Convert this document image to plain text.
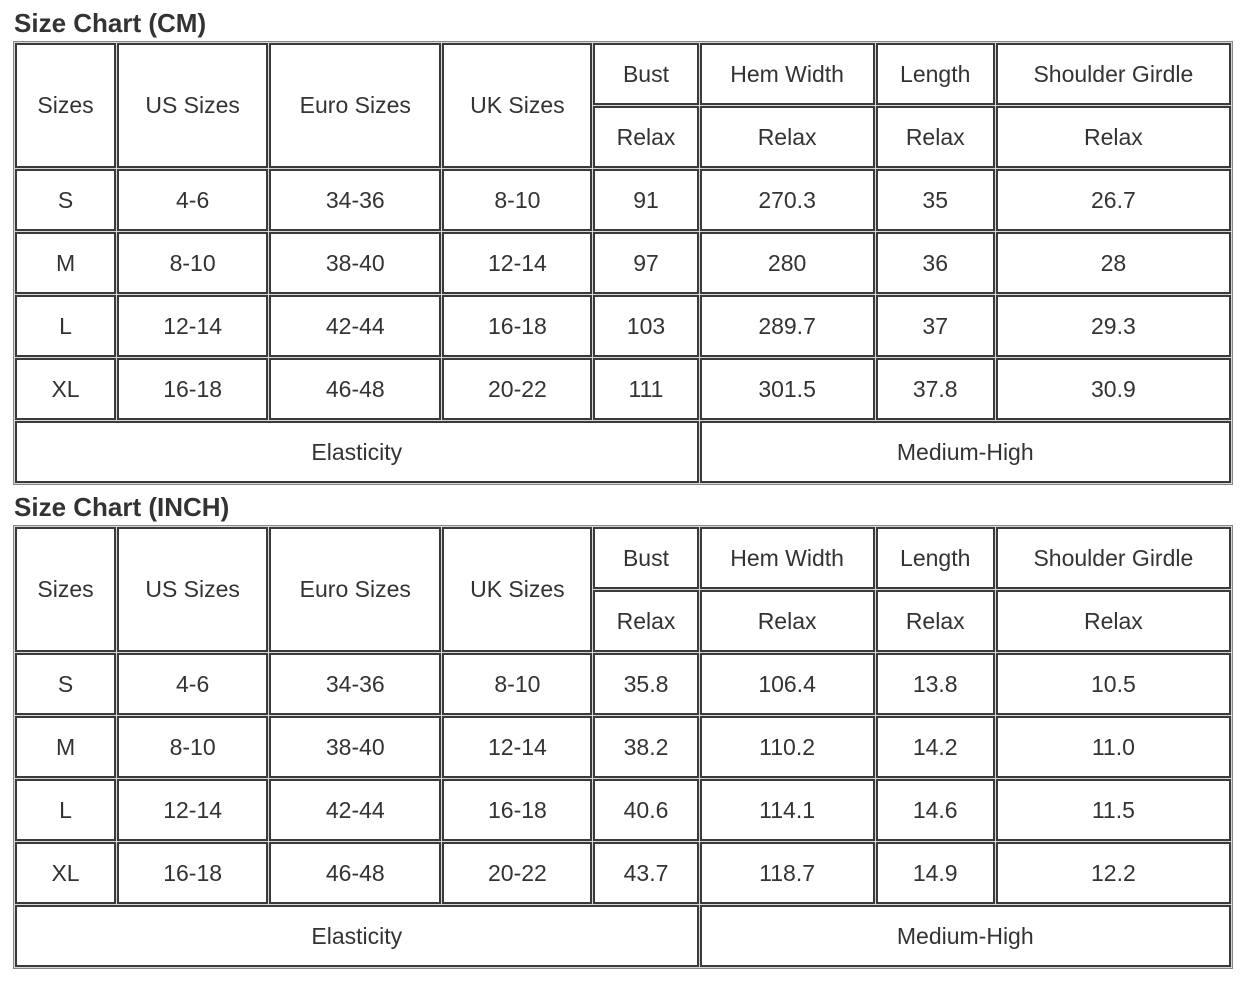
Size Chart (CM)
Sizes	US Sizes	Euro Sizes	UK Sizes	Bust	Hem Width	Length	Shoulder Girdle
				Relax	Relax	Relax	Relax
S	4-6	34-36	8-10	91	270.3	35	26.7
M	8-10	38-40	12-14	97	280	36	28
L	12-14	42-44	16-18	103	289.7	37	29.3
XL	16-18	46-48	20-22	111	301.5	37.8	30.9
Elasticity					Medium-High		
Size Chart (INCH)
Sizes	US Sizes	Euro Sizes	UK Sizes	Bust	Hem Width	Length	Shoulder Girdle
				Relax	Relax	Relax	Relax
S	4-6	34-36	8-10	35.8	106.4	13.8	10.5
M	8-10	38-40	12-14	38.2	110.2	14.2	11.0
L	12-14	42-44	16-18	40.6	114.1	14.6	11.5
XL	16-18	46-48	20-22	43.7	118.7	14.9	12.2
Elasticity					Medium-High		
